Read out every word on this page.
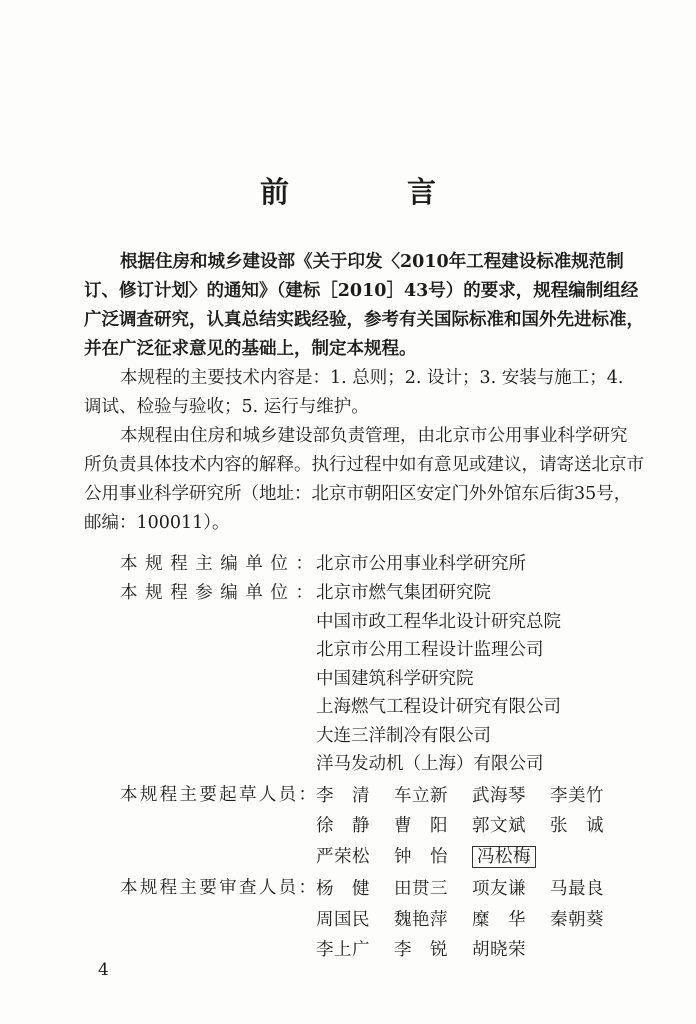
前 言

根据住房和城乡建设部《关于印发〈2010年工程建设标准规范制订、修订计划〉的通知》（建标［2010］43号）的要求，规程编制组经广泛调查研究，认真总结实践经验，参考有关国际标准和国外先进标准，并在广泛征求意见的基础上，制定本规程。

本规程的主要技术内容是：1. 总则；2. 设计；3. 安装与施工；4. 调试、检验与验收；5. 运行与维护。

本规程由住房和城乡建设部负责管理，由北京市公用事业科学研究所负责具体技术内容的解释。执行过程中如有意见或建议，请寄送北京市公用事业科学研究所（地址：北京市朝阳区安定门外外馆东后街35号，邮编：100011）。

本规程主编单位： 北京市公用事业科学研究所
本规程参编单位： 北京市燃气集团研究院
中国市政工程华北设计研究总院
北京市公用工程设计监理公司
中国建筑科学研究院
上海燃气工程设计研究有限公司
大连三洋制冷有限公司
洋马发动机（上海）有限公司
本规程主要起草人员： 李　清	车立新	武海琴	李美竹
徐　静	曹　阳	郭文斌	张　诚
严荣松	钟　怡	冯松梅
本规程主要审查人员： 杨　健	田贯三	项友谦	马最良
周国民	魏艳萍	糜　华	秦朝葵
李上广	李　锐	胡晓荣
4
